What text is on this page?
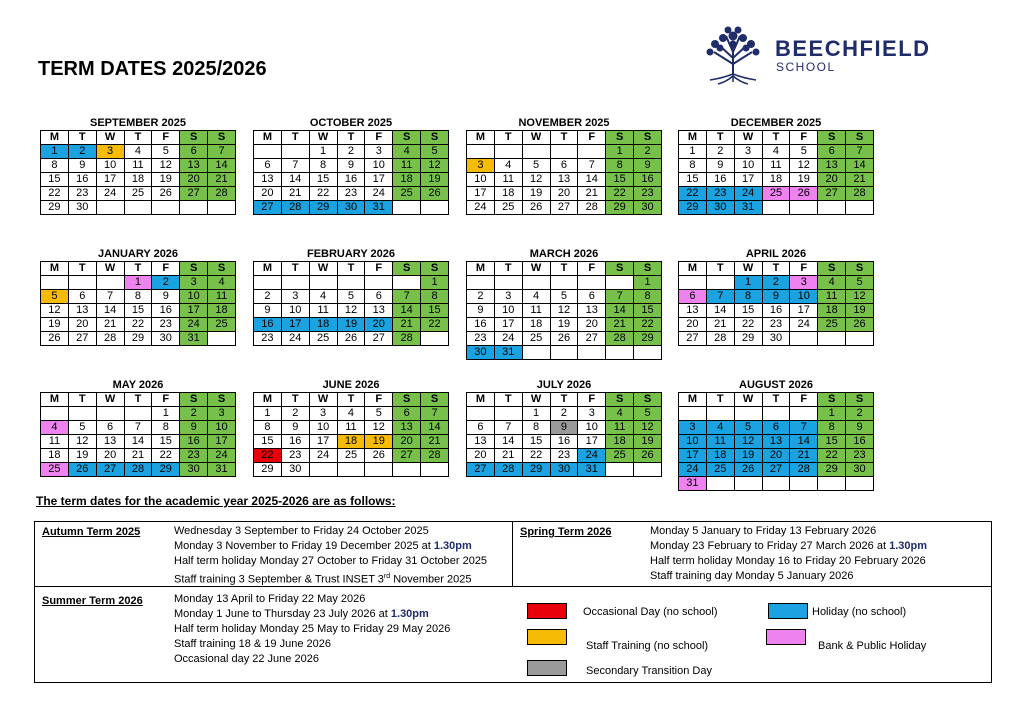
TERM DATES 2025/2026
BEECHFIELD
SCHOOL
SEPTEMBER 2025
M	T	W	T	F	S	S
1	2	3	4	5	6	7
8	9	10	11	12	13	14
15	16	17	18	19	20	21
22	23	24	25	26	27	28
29	30					
OCTOBER 2025
M	T	W	T	F	S	S
		1	2	3	4	5
6	7	8	9	10	11	12
13	14	15	16	17	18	19
20	21	22	23	24	25	26
27	28	29	30	31		
NOVEMBER 2025
M	T	W	T	F	S	S
					1	2
3	4	5	6	7	8	9
10	11	12	13	14	15	16
17	18	19	20	21	22	23
24	25	26	27	28	29	30
DECEMBER 2025
M	T	W	T	F	S	S
1	2	3	4	5	6	7
8	9	10	11	12	13	14
15	16	17	18	19	20	21
22	23	24	25	26	27	28
29	30	31				
JANUARY 2026
M	T	W	T	F	S	S
			1	2	3	4
5	6	7	8	9	10	11
12	13	14	15	16	17	18
19	20	21	22	23	24	25
26	27	28	29	30	31	
FEBRUARY 2026
M	T	W	T	F	S	S
						1
2	3	4	5	6	7	8
9	10	11	12	13	14	15
16	17	18	19	20	21	22
23	24	25	26	27	28	
MARCH 2026
M	T	W	T	F	S	S
						1
2	3	4	5	6	7	8
9	10	11	12	13	14	15
16	17	18	19	20	21	22
23	24	25	26	27	28	29
30	31					
APRIL 2026
M	T	W	T	F	S	S
		1	2	3	4	5
6	7	8	9	10	11	12
13	14	15	16	17	18	19
20	21	22	23	24	25	26
27	28	29	30			
MAY 2026
M	T	W	T	F	S	S
				1	2	3
4	5	6	7	8	9	10
11	12	13	14	15	16	17
18	19	20	21	22	23	24
25	26	27	28	29	30	31
JUNE 2026
M	T	W	T	F	S	S
1	2	3	4	5	6	7
8	9	10	11	12	13	14
15	16	17	18	19	20	21
22	23	24	25	26	27	28
29	30					
JULY 2026
M	T	W	T	F	S	S
		1	2	3	4	5
6	7	8	9	10	11	12
13	14	15	16	17	18	19
20	21	22	23	24	25	26
27	28	29	30	31		
AUGUST 2026
M	T	W	T	F	S	S
					1	2
3	4	5	6	7	8	9
10	11	12	13	14	15	16
17	18	19	20	21	22	23
24	25	26	27	28	29	30
31						
The term dates for the academic year 2025-2026 are as follows:
Autumn Term 2025	Wednesday 3 September to Friday 24 October 2025
Monday 3 November to Friday 19 December 2025 at 1.30pm
Half term holiday Monday 27 October to Friday 31 October 2025
Staff training 3 September & Trust INSET 3rd November 2025
Spring Term 2026	Monday 5 January to Friday 13 February 2026
Monday 23 February to Friday 27 March 2026 at 1.30pm
Half term holiday Monday 16 to Friday 20 February 2026
Staff training day Monday 5 January 2026
Summer Term 2026	Monday 13 April to Friday 22 May 2026
Monday 1 June to Thursday 23 July 2026 at 1.30pm
Half term holiday Monday 25 May to Friday 29 May 2026
Staff training 18 & 19 June 2026
Occasional day 22 June 2026
Occasional Day (no school)	Holiday (no school)
Staff Training (no school)	Bank & Public Holiday
Secondary Transition Day
